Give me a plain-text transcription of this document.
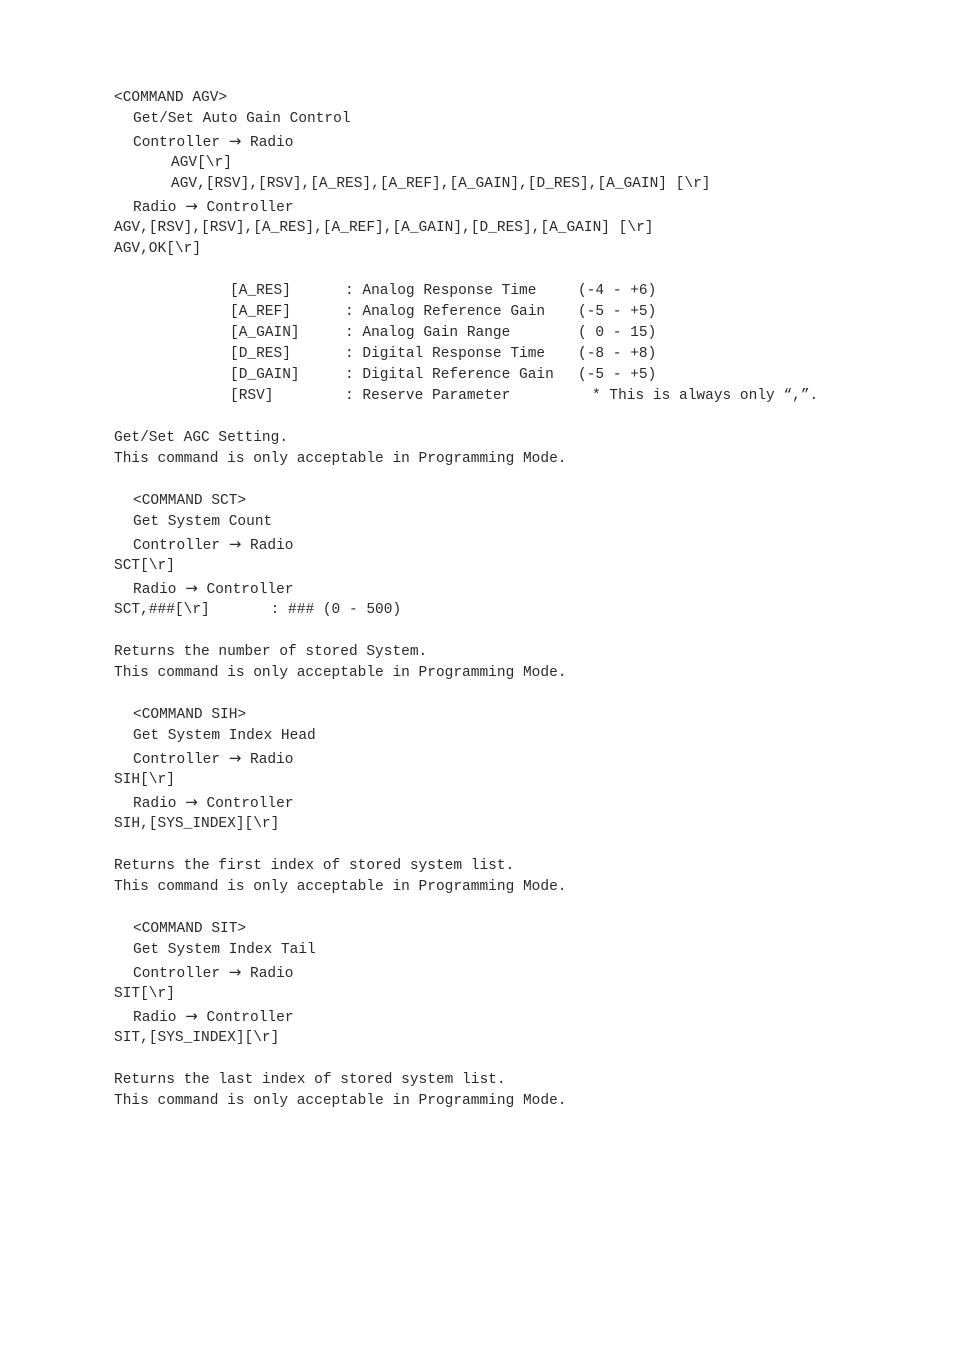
<COMMAND AGV>
Get/Set Auto Gain Control
Controller → Radio
AGV[\r]
AGV,[RSV],[RSV],[A_RES],[A_REF],[A_GAIN],[D_RES],[A_GAIN] [\r]
Radio → Controller
AGV,[RSV],[RSV],[A_RES],[A_REF],[A_GAIN],[D_RES],[A_GAIN] [\r]
AGV,OK[\r]
[A_RES]	: Analog Response Time	(-4 - +6)
[A_REF]	: Analog Reference Gain	(-5 - +5)
[A_GAIN]	: Analog Gain Range	( 0 - 15)
[D_RES]	: Digital Response Time	(-8 - +8)
[D_GAIN]	: Digital Reference Gain	(-5 - +5)
[RSV]	: Reserve Parameter	* This is always only “,”.
Get/Set AGC Setting.
This command is only acceptable in Programming Mode.
<COMMAND SCT>
Get System Count
Controller → Radio
SCT[\r]
Radio → Controller
SCT,###[\r]	: ### (0 - 500)
Returns the number of stored System.
This command is only acceptable in Programming Mode.
<COMMAND SIH>
Get System Index Head
Controller → Radio
SIH[\r]
Radio → Controller
SIH,[SYS_INDEX][\r]
Returns the first index of stored system list.
This command is only acceptable in Programming Mode.
<COMMAND SIT>
Get System Index Tail
Controller → Radio
SIT[\r]
Radio → Controller
SIT,[SYS_INDEX][\r]
Returns the last index of stored system list.
This command is only acceptable in Programming Mode.
